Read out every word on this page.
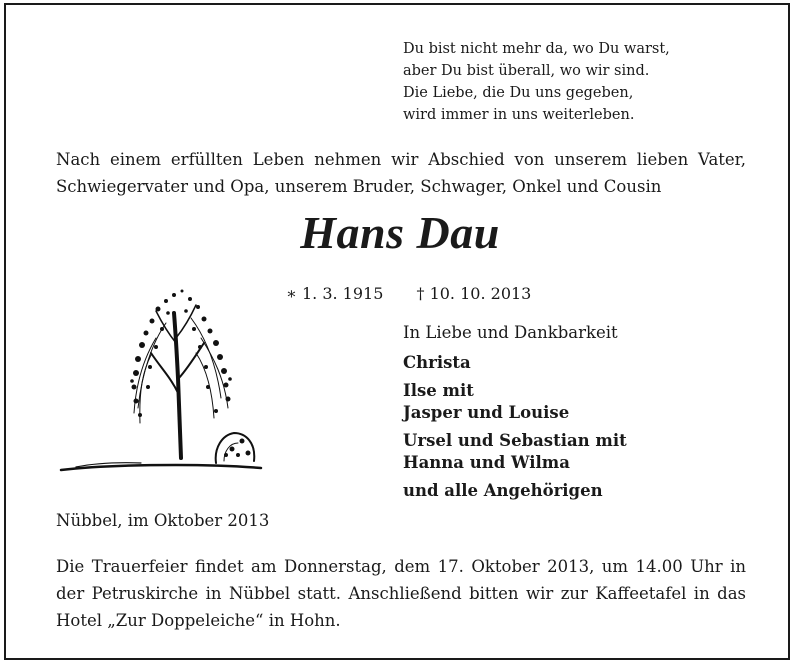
Du bist nicht mehr da, wo Du warst,
aber Du bist überall, wo wir sind.
Die Liebe, die Du uns gegeben,
wird immer in uns weiterleben.
Nach einem erfüllten Leben nehmen wir Abschied von unserem lieben Vater, Schwiegervater und Opa, unserem Bruder, Schwager, Onkel und Cousin
Hans Dau
∗ 1. 3. 1915 † 10. 10. 2013
In Liebe und Dankbarkeit
Christa
Ilse mit
Jasper und Louise
Ursel und Sebastian mit
Hanna und Wilma
und alle Angehörigen
Nübbel, im Oktober 2013
Die Trauerfeier findet am Donnerstag, dem 17. Oktober 2013, um 14.00 Uhr in der Petruskirche in Nübbel statt. Anschließend bitten wir zur Kaffeetafel in das Hotel „Zur Doppeleiche“ in Hohn.
